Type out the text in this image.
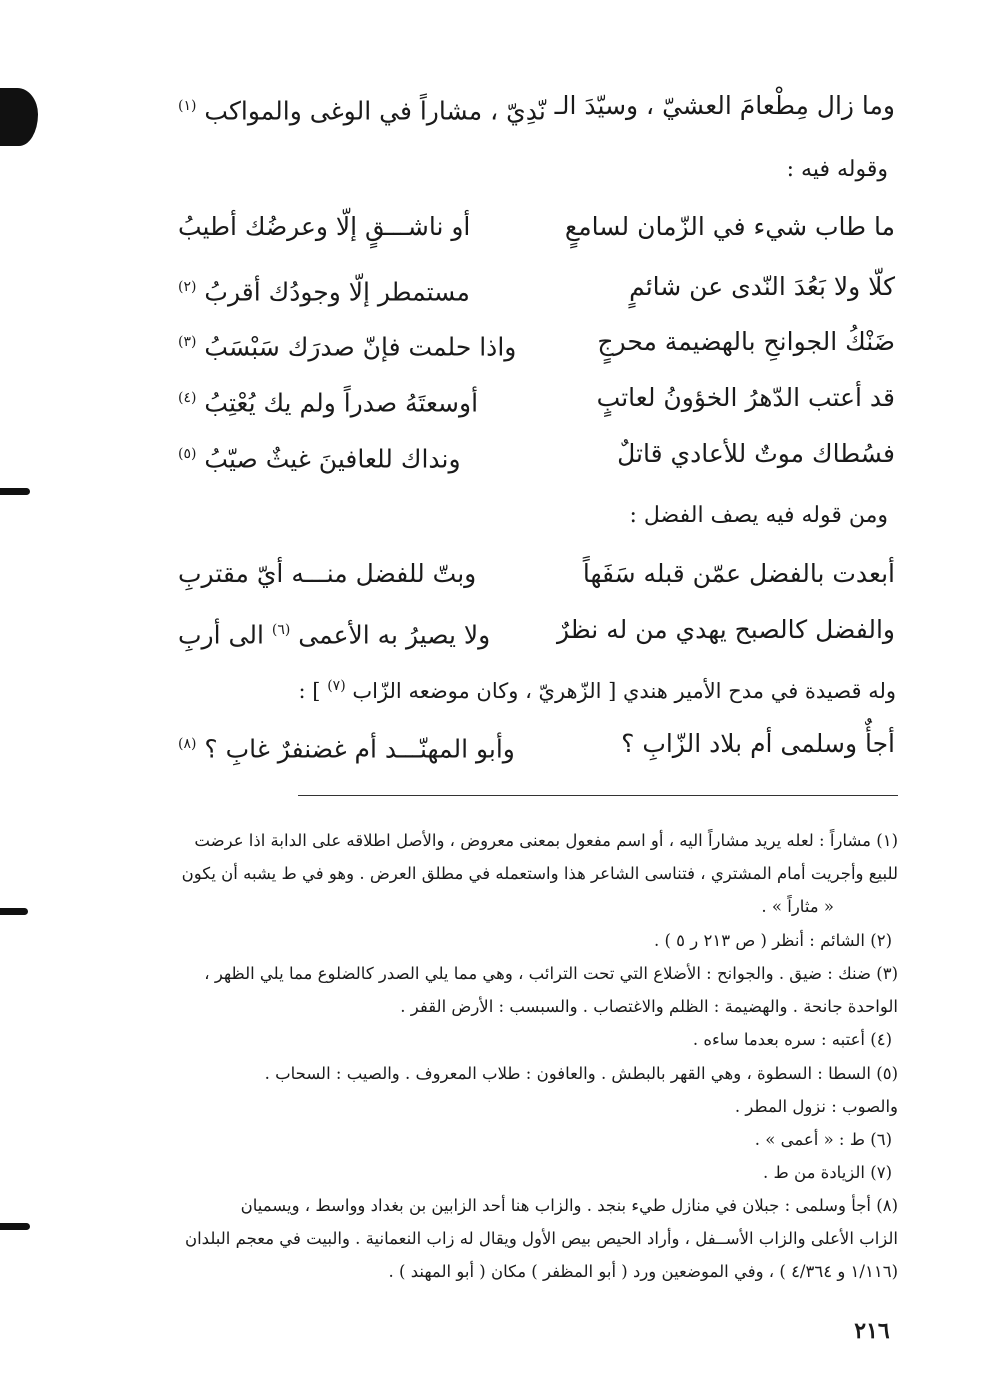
وما زال مِطْعامَ العشيّ ، وسيّدَ الـ
نّدِيّ ، مشاراً في الوغى والمواكب $^{(١)}$
وقوله فيه :
ما طاب شيء في الزّمان لسامعٍ
أو ناشـــقٍ إلّا وعرضُك أطيبُ
كلّا ولا بَعُدَ النّدى عن شائمٍ
مستمطر إلّا وجودُك أقربُ $^{(٢)}$
ضَنْكُ الجوانحِ بالهضيمة محرجٍ
واذا حلمت فإنّ صدرَك سَبْسَبُ $^{(٣)}$
قد أعتب الدّهرُ الخؤونُ لعاتبٍ
أوسعتَهُ صدراً ولم يك يُعْتِبُ $^{(٤)}$
فسُطاك موتٌ للأعادي قاتلٌ
ونداك للعافينَ غيثٌ صيّبُ $^{(٥)}$
ومن قوله فيه يصف الفضل :
أبعدت بالفضل عمّن قبله سَفَهاً
وبتّ للفضل منـــه أيّ مقتربِ
والفضل كالصبح يهدي من له نظرٌ
ولا يصيرُ به الأعمى $^{(٦)}$ الى أربِ
وله قصيدة في مدح الأمير هندي [ الزّهريّ ، وكان موضعه الزّاب $^{(٧)}$ ] :
أجأٌ وسلمى أم بلاد الزّابِ ؟
وأبو المهنّـــد أم غضنفرٌ غابِ ؟ $^{(٨)}$
(١) مشاراً : لعله يريد مشاراً اليه ، أو اسم مفعول بمعنى معروض ، والأصل اطلاقه على الدابة اذا عرضت
للبيع وأجريت أمام المشتري ، فتناسى الشاعر هذا واستعمله في مطلق العرض . وهو في ط يشبه أن يكون
« مثاراً » .
(٢) الشائم : أنظر ( ص ٢١٣ ر ٥ ) .
(٣) ضنك : ضيق . والجوانح : الأضلاع التي تحت الترائب ، وهي مما يلي الصدر كالضلوع مما يلي الظهر ،
الواحدة جانحة . والهضيمة : الظلم والاغتصاب . والسبسب : الأرض القفر .
(٤) أعتبه : سره بعدما ساءه .
(٥) السطا : السطوة ، وهي القهر بالبطش . والعافون : طلاب المعروف . والصيب : السحاب .
والصوب : نزول المطر .
(٦) ط : « أعمى » .
(٧) الزيادة من ط .
(٨) أجأ وسلمى : جبلان في منازل طيء بنجد . والزاب هنا أحد الزابين بن بغداد وواسط ، ويسميان
الزاب الأعلى والزاب الأســفل ، وأراد الحيص بيص الأول ويقال له زاب النعمانية . والبيت في معجم البلدان
(١/١١٦ و ٤/٣٦٤ ) ، وفي الموضعين ورد ( أبو المظفر ) مكان ( أبو المهند ) .
٢١٦
